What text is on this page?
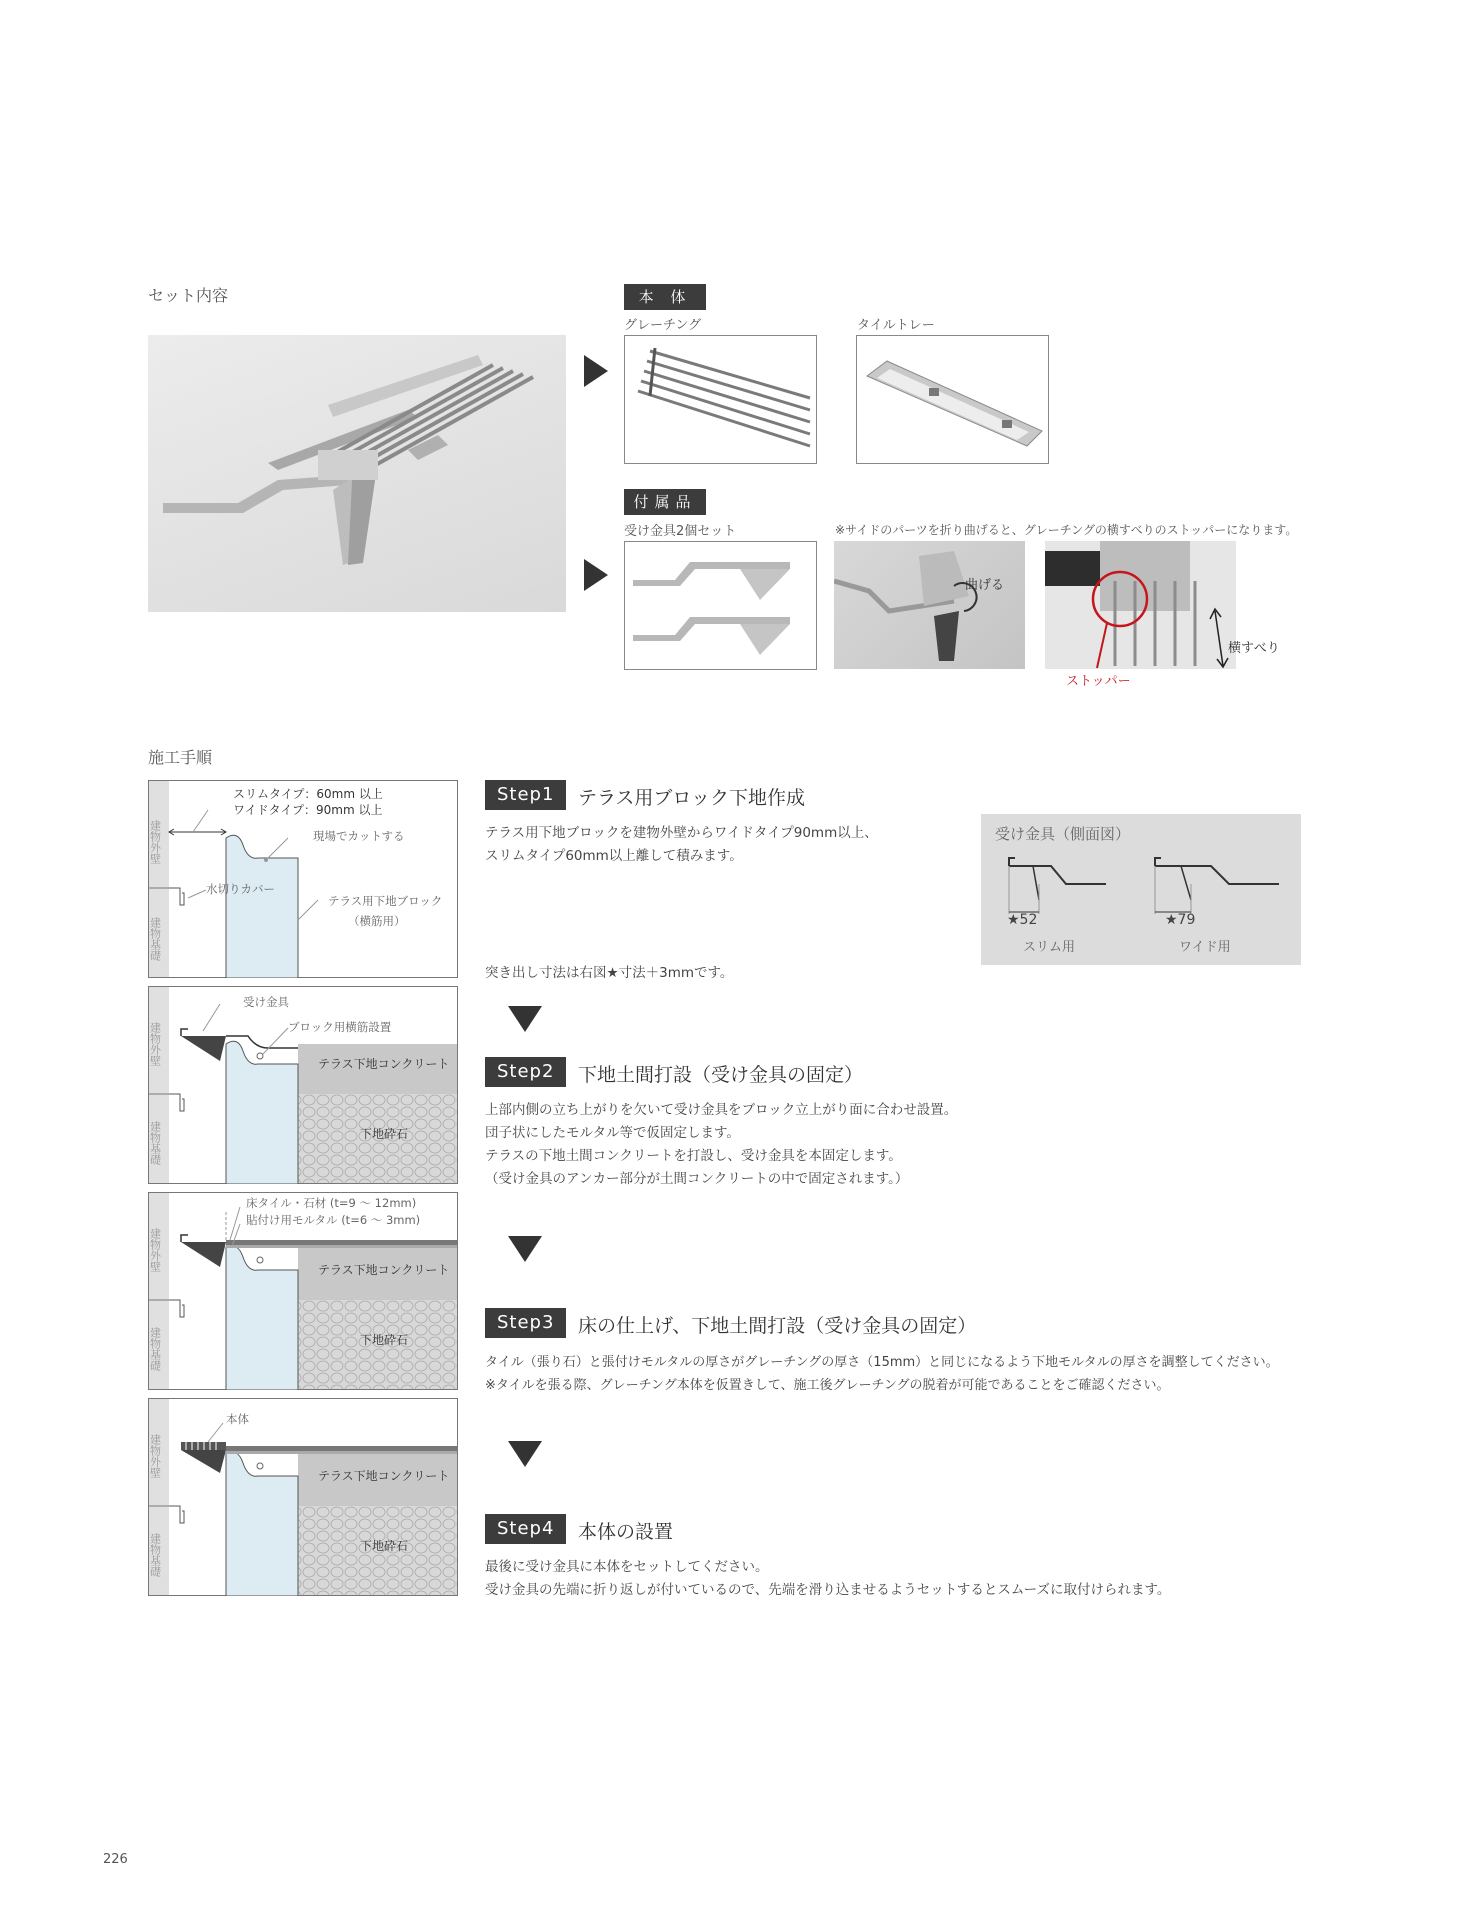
セット内容	本 体
グレーチング	タイルトレー
付属品
受け金具2個セット	※サイドのパーツを折り曲げると、グレーチングの横すべりのストッパーになります。
曲げる
横すべり
ストッパー
施工手順
建物外壁
建物基礎
スリムタイプ：60mm 以上
ワイドタイプ：90mm 以上
現場でカットする
水切りカバー
テラス用下地ブロック
（横筋用）
建物外壁
建物基礎
受け金具
ブロック用横筋設置
テラス下地コンクリート
下地砕石
建物外壁
建物基礎
床タイル・石材 (t=9 ～ 12mm)
貼付け用モルタル (t=6 ～ 3mm)
テラス下地コンクリート
下地砕石
建物外壁
建物基礎
本体
テラス下地コンクリート
下地砕石
Step1	テラス用ブロック下地作成
テラス用下地ブロックを建物外壁からワイドタイプ90mm以上、
スリムタイプ60mm以上離して積みます。
突き出し寸法は右図★寸法＋3mmです。
受け金具（側面図）
★52
スリム用
★79
ワイド用
Step2	下地土間打設（受け金具の固定）
上部内側の立ち上がりを欠いて受け金具をブロック立上がり面に合わせ設置。
団子状にしたモルタル等で仮固定します。
テラスの下地土間コンクリートを打設し、受け金具を本固定します。
（受け金具のアンカー部分が土間コンクリートの中で固定されます。）
Step3	床の仕上げ、下地土間打設（受け金具の固定）
タイル（張り石）と張付けモルタルの厚さがグレーチングの厚さ（15mm）と同じになるよう下地モルタルの厚さを調整してください。
※タイルを張る際、グレーチング本体を仮置きして、施工後グレーチングの脱着が可能であることをご確認ください。
Step4	本体の設置
最後に受け金具に本体をセットしてください。
受け金具の先端に折り返しが付いているので、先端を滑り込ませるようセットするとスムーズに取付けられます。
226
